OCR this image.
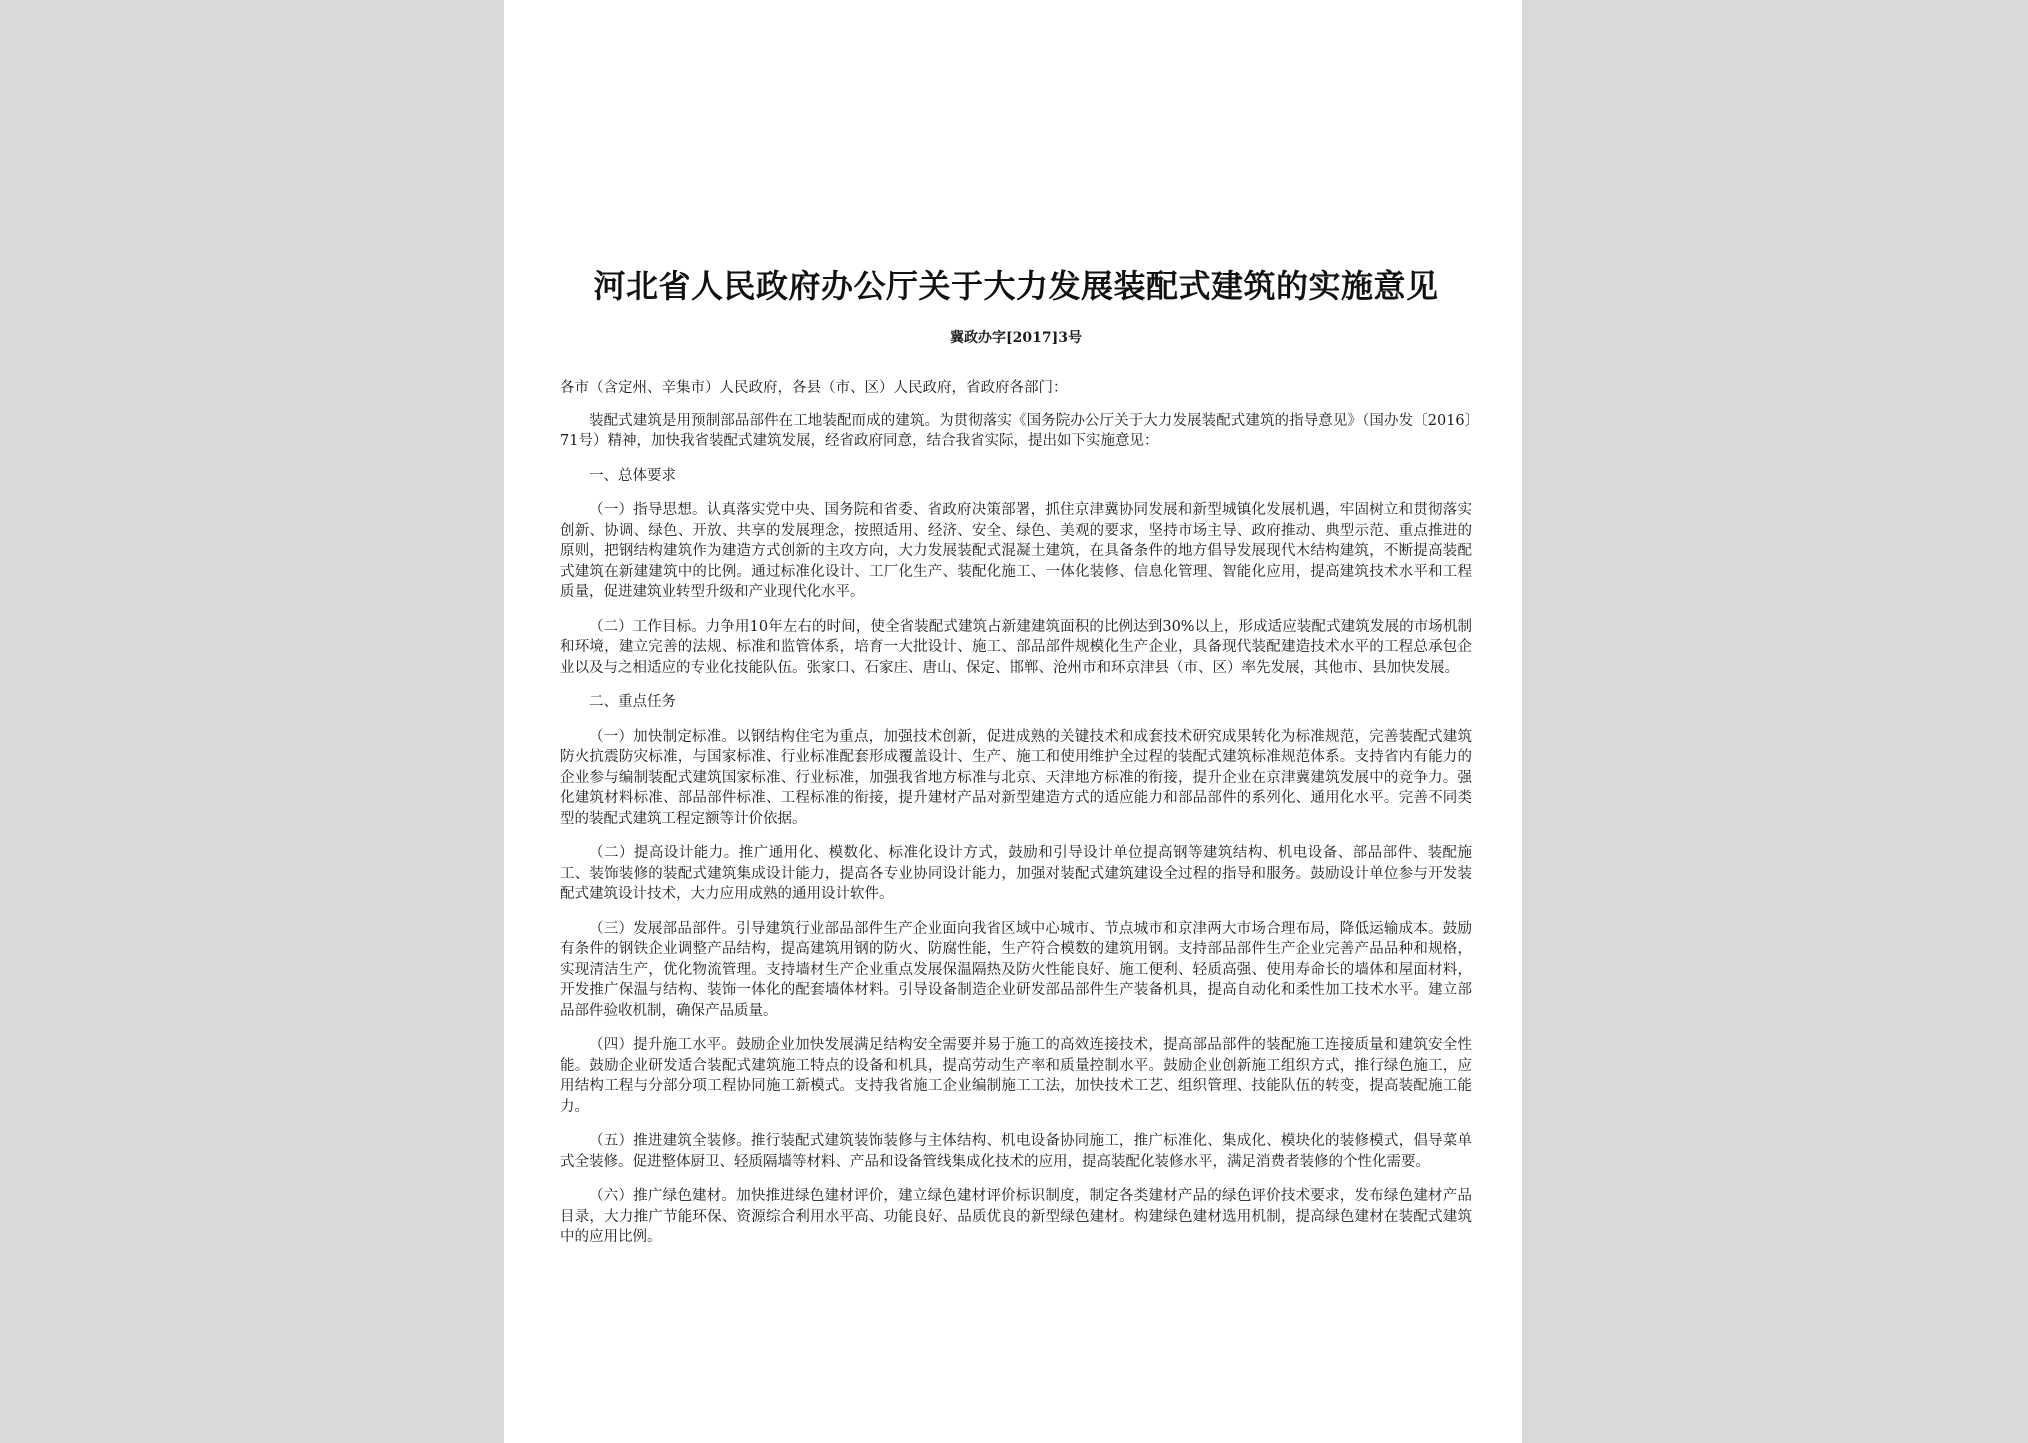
河北省人民政府办公厅关于大力发展装配式建筑的实施意见
冀政办字[2017]3号

各市（含定州、辛集市）人民政府，各县（市、区）人民政府，省政府各部门：

装配式建筑是用预制部品部件在工地装配而成的建筑。为贯彻落实《国务院办公厅关于大力发展装配式建筑的指导意见》（国办发〔2016〕71号）精神，加快我省装配式建筑发展，经省政府同意，结合我省实际，提出如下实施意见：

一、总体要求

（一）指导思想。认真落实党中央、国务院和省委、省政府决策部署，抓住京津冀协同发展和新型城镇化发展机遇，牢固树立和贯彻落实创新、协调、绿色、开放、共享的发展理念，按照适用、经济、安全、绿色、美观的要求，坚持市场主导、政府推动、典型示范、重点推进的原则，把钢结构建筑作为建造方式创新的主攻方向，大力发展装配式混凝土建筑，在具备条件的地方倡导发展现代木结构建筑，不断提高装配式建筑在新建建筑中的比例。通过标准化设计、工厂化生产、装配化施工、一体化装修、信息化管理、智能化应用，提高建筑技术水平和工程质量，促进建筑业转型升级和产业现代化水平。

（二）工作目标。力争用10年左右的时间，使全省装配式建筑占新建建筑面积的比例达到30%以上，形成适应装配式建筑发展的市场机制和环境，建立完善的法规、标准和监管体系，培育一大批设计、施工、部品部件规模化生产企业，具备现代装配建造技术水平的工程总承包企业以及与之相适应的专业化技能队伍。张家口、石家庄、唐山、保定、邯郸、沧州市和环京津县（市、区）率先发展，其他市、县加快发展。

二、重点任务

（一）加快制定标准。以钢结构住宅为重点，加强技术创新，促进成熟的关键技术和成套技术研究成果转化为标准规范，完善装配式建筑防火抗震防灾标准，与国家标准、行业标准配套形成覆盖设计、生产、施工和使用维护全过程的装配式建筑标准规范体系。支持省内有能力的企业参与编制装配式建筑国家标准、行业标准，加强我省地方标准与北京、天津地方标准的衔接，提升企业在京津冀建筑发展中的竞争力。强化建筑材料标准、部品部件标准、工程标准的衔接，提升建材产品对新型建造方式的适应能力和部品部件的系列化、通用化水平。完善不同类型的装配式建筑工程定额等计价依据。

（二）提高设计能力。推广通用化、模数化、标准化设计方式，鼓励和引导设计单位提高钢等建筑结构、机电设备、部品部件、装配施工、装饰装修的装配式建筑集成设计能力，提高各专业协同设计能力，加强对装配式建筑建设全过程的指导和服务。鼓励设计单位参与开发装配式建筑设计技术，大力应用成熟的通用设计软件。

（三）发展部品部件。引导建筑行业部品部件生产企业面向我省区域中心城市、节点城市和京津两大市场合理布局，降低运输成本。鼓励有条件的钢铁企业调整产品结构，提高建筑用钢的防火、防腐性能，生产符合模数的建筑用钢。支持部品部件生产企业完善产品品种和规格，实现清洁生产，优化物流管理。支持墙材生产企业重点发展保温隔热及防火性能良好、施工便利、轻质高强、使用寿命长的墙体和屋面材料，开发推广保温与结构、装饰一体化的配套墙体材料。引导设备制造企业研发部品部件生产装备机具，提高自动化和柔性加工技术水平。建立部品部件验收机制，确保产品质量。

（四）提升施工水平。鼓励企业加快发展满足结构安全需要并易于施工的高效连接技术，提高部品部件的装配施工连接质量和建筑安全性能。鼓励企业研发适合装配式建筑施工特点的设备和机具，提高劳动生产率和质量控制水平。鼓励企业创新施工组织方式，推行绿色施工，应用结构工程与分部分项工程协同施工新模式。支持我省施工企业编制施工工法，加快技术工艺、组织管理、技能队伍的转变，提高装配施工能力。

（五）推进建筑全装修。推行装配式建筑装饰装修与主体结构、机电设备协同施工，推广标准化、集成化、模块化的装修模式，倡导菜单式全装修。促进整体厨卫、轻质隔墙等材料、产品和设备管线集成化技术的应用，提高装配化装修水平，满足消费者装修的个性化需要。

（六）推广绿色建材。加快推进绿色建材评价，建立绿色建材评价标识制度，制定各类建材产品的绿色评价技术要求，发布绿色建材产品目录，大力推广节能环保、资源综合利用水平高、功能良好、品质优良的新型绿色建材。构建绿色建材选用机制，提高绿色建材在装配式建筑中的应用比例。
